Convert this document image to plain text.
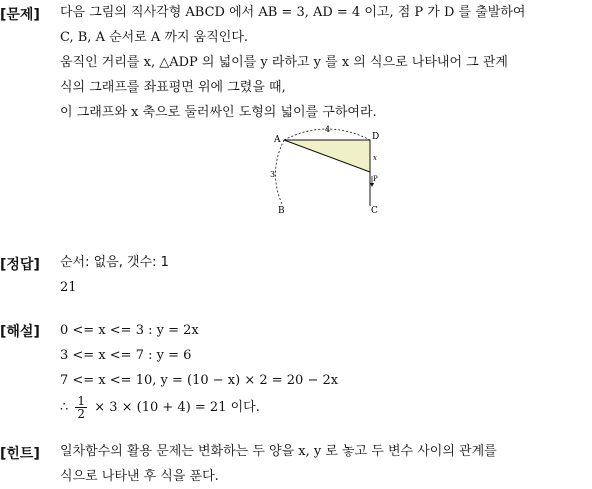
[문제] 다음 그림의 직사각형 ABCD 에서 AB = 3, AD = 4 이고, 점 P 가 D 를 출발하여
C, B, A 순서로 A 까지 움직인다.
움직인 거리를 x, △ADP 의 넓이를 y 라하고 y 를 x 의 식으로 나타내어 그 관계
식의 그래프를 좌표평면 위에 그렸을 때,
이 그래프와 x 축으로 둘러싸인 도형의 넓이를 구하여라.
A	D
B	C
P
4
3
x
[정답] 순서: 없음, 갯수: 1
21
[해설] 0 <= x <= 3 : y = 2x
3 <= x <= 7 : y = 6
7 <= x <= 10, y = (10 − x) × 2 = 20 − 2x
∴ $\frac{1}{2} \times 3 \times (10 + 4) = 21$ 이다.
[힌트] 일차함수의 활용 문제는 변화하는 두 양을 x, y 로 놓고 두 변수 사이의 관계를
식으로 나타낸 후 식을 푼다.
